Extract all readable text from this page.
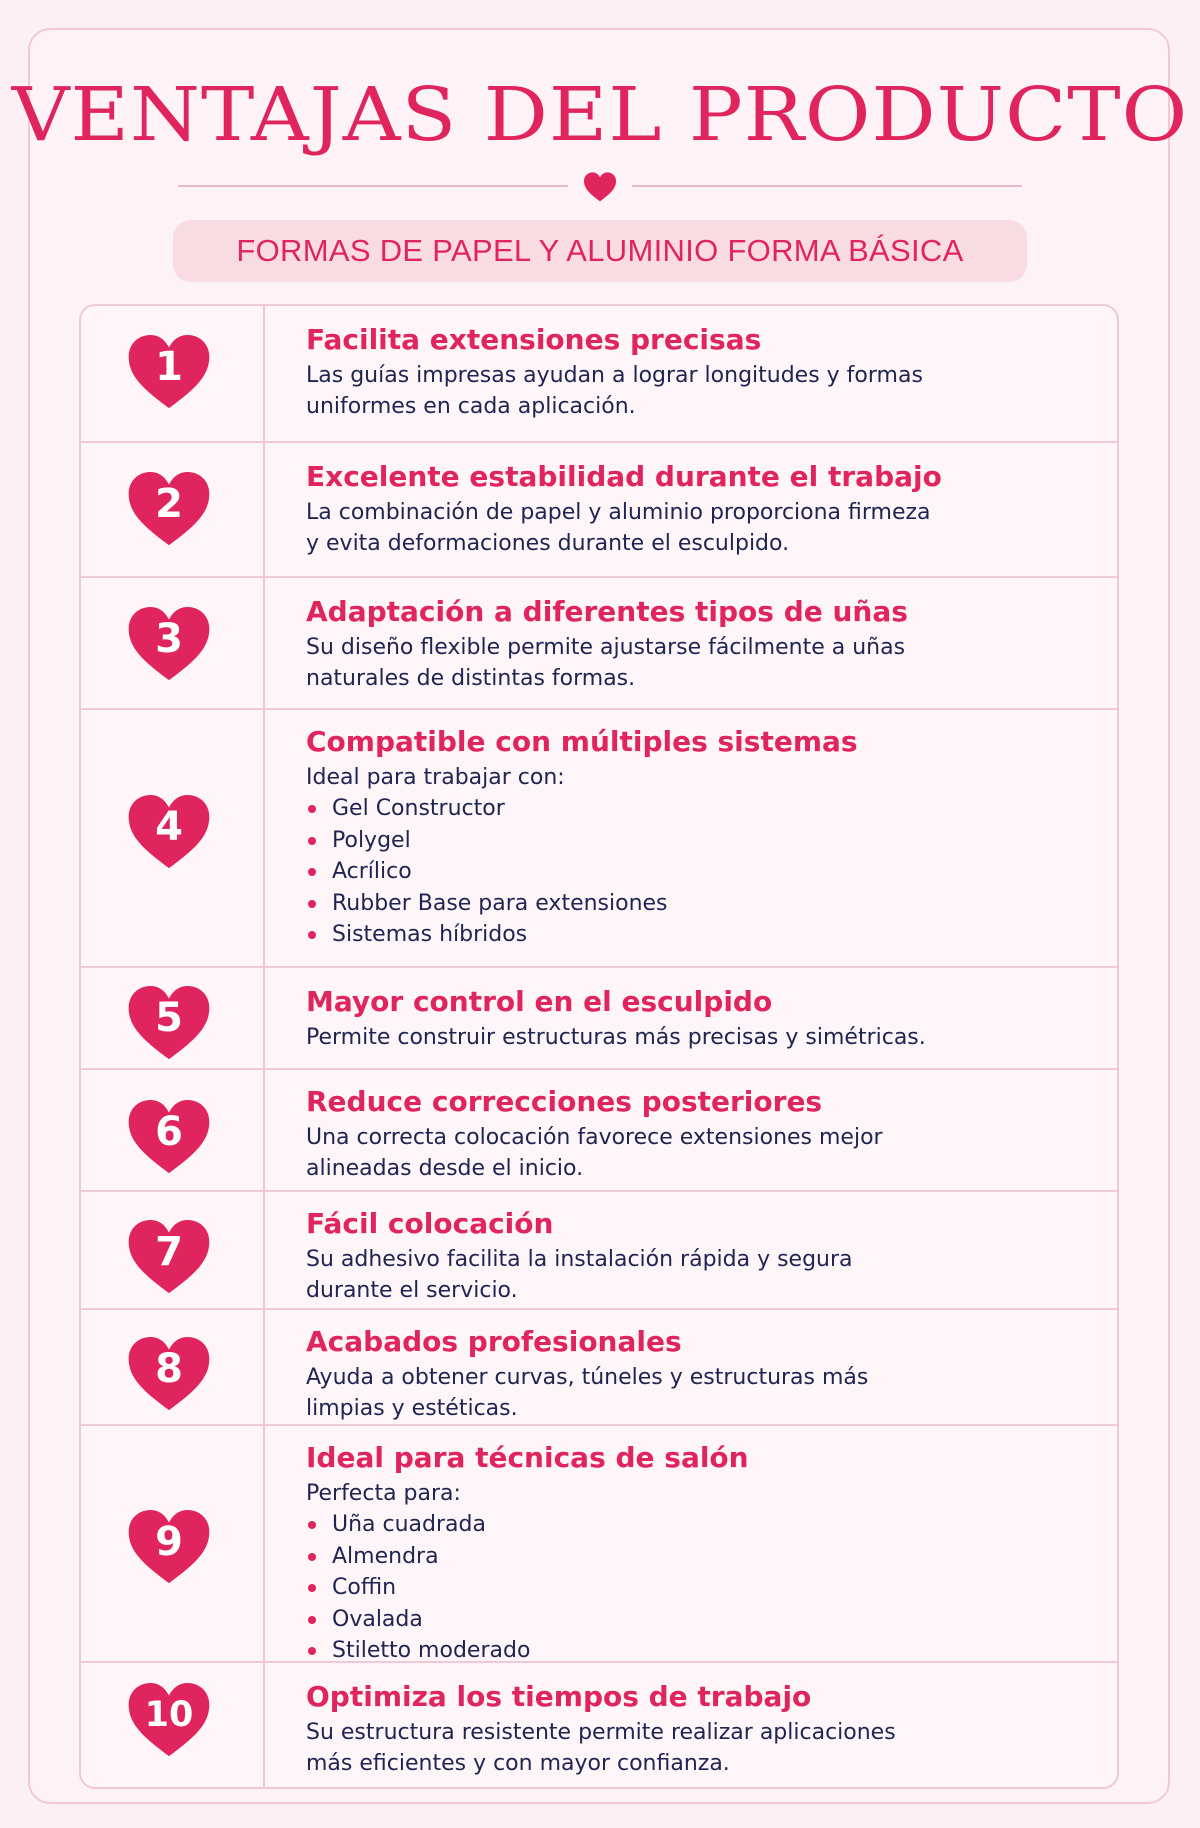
VENTAJAS DEL PRODUCTO
FORMAS DE PAPEL Y ALUMINIO FORMA BÁSICA
1
Facilita extensiones precisas

Las guías impresas ayudan a lograr longitudes y formas

uniformes en cada aplicación.

2
Excelente estabilidad durante el trabajo

La combinación de papel y aluminio proporciona firmeza

y evita deformaciones durante el esculpido.

3
Adaptación a diferentes tipos de uñas

Su diseño flexible permite ajustarse fácilmente a uñas

naturales de distintas formas.

4
Compatible con múltiples sistemas

Ideal para trabajar con:

Gel Constructor
Polygel
Acrílico
Rubber Base para extensiones
Sistemas híbridos
5	Mayor control en el esculpido

Permite construir estructuras más precisas y simétricas.

6
Reduce correcciones posteriores

Una correcta colocación favorece extensiones mejor

alineadas desde el inicio.

7
Fácil colocación

Su adhesivo facilita la instalación rápida y segura

durante el servicio.

8
Acabados profesionales

Ayuda a obtener curvas, túneles y estructuras más

limpias y estéticas.

9
Ideal para técnicas de salón

Perfecta para:

Uña cuadrada
Almendra
Coffin
Ovalada
Stiletto moderado
10	Optimiza los tiempos de trabajo

Su estructura resistente permite realizar aplicaciones

más eficientes y con mayor confianza.
